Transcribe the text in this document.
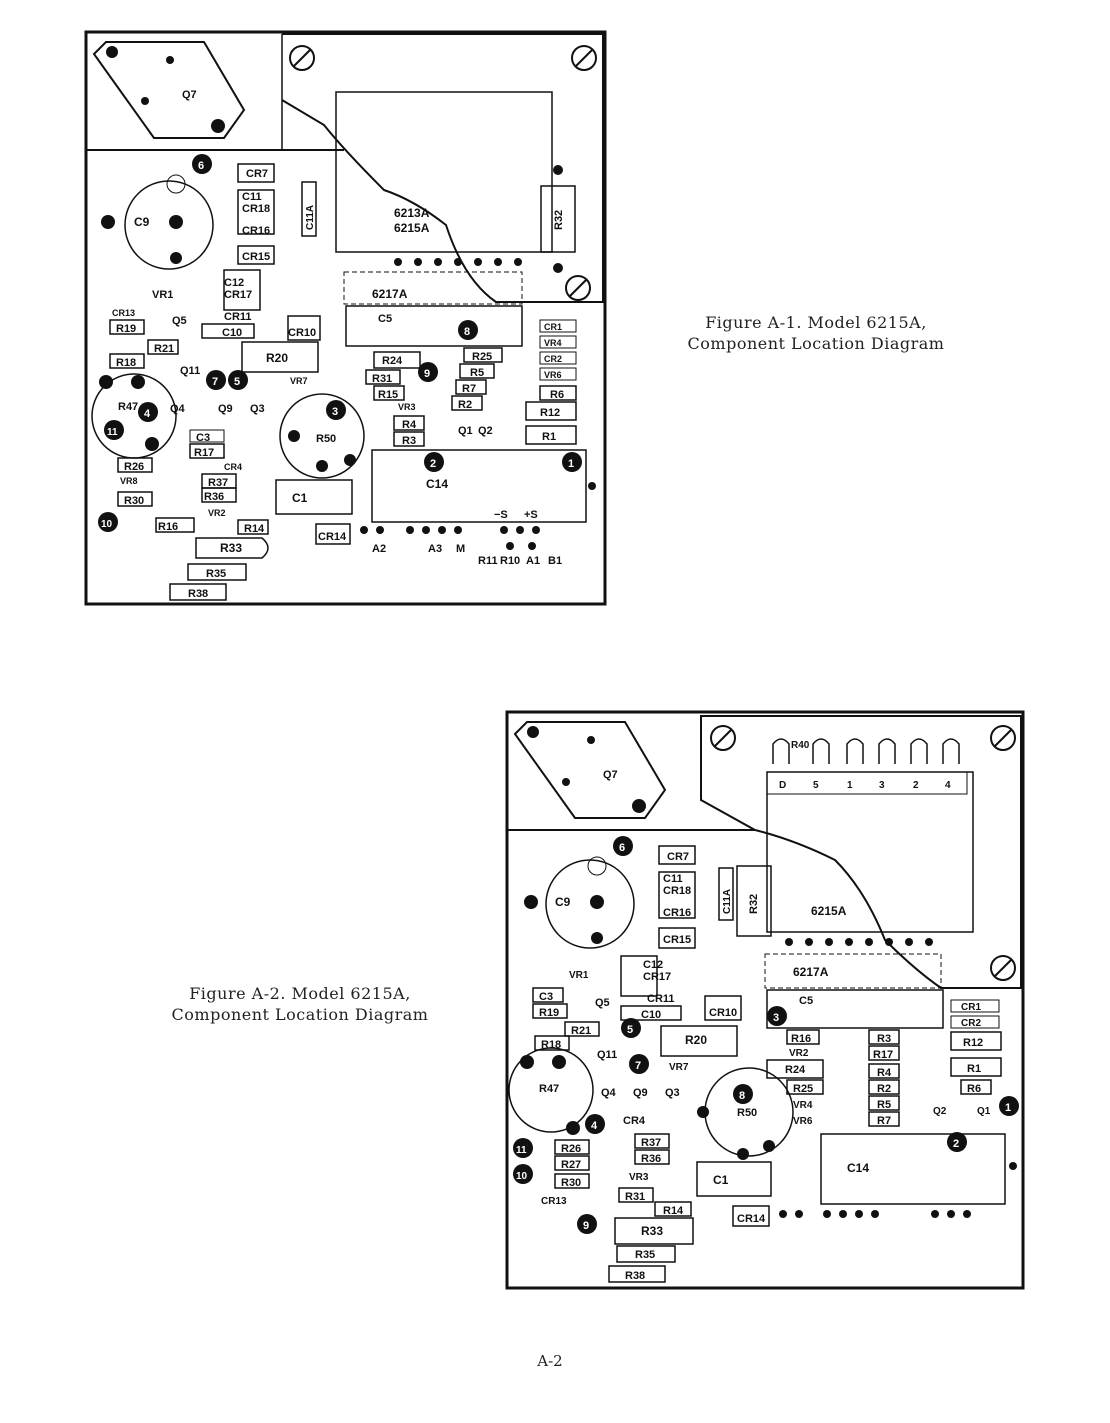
Q7
C9
CR7
C11
CR18
CR16
CR15
C11A	R32
6213A
6215A
6217A
C5
R24	R25
R5
R7
R2
R31
R15
R4
R3
R12
R1
CR1
VR4
CR2
VR6
R6
C14
−S +S
R50
R47
R19
R21
R18	R20
R26
R30
C3
R17
R37
R36
R16	R14
R33
R35
R38
C1
CR14
CR10
C10
C12
CR17
CR11
VR1
CR13
Q5
Q11
Q4	Q9 Q3
Q1 Q2
CR4
VR8
VR2
VR7
VR3
A2	A3 M
R11 R10 A1 B1
1
2
3
4
5
6
7
8
9
10
11
Figure A-1. Model 6215A,
Component Location Diagram
R40
D	5	1	3	2	4
Q7
C9
CR7
C11
CR18
CR16
CR15
C11A R32	6215A
6217A
C5
R16	R3
R17
R12
VR2
R24	R4	R1
R25	R2	R6
VR4	R5
VR6	R7
Q2	Q1
CR1
CR2
C14
R50
R47
C3
R19
R21
R18
VR1
Q5
Q11
Q4 Q9 Q3
CR4
C12
CR17
CR11
C10	CR10
R20
VR7
R26
R27
R30
CR13
R37
R36
VR3
R31
R14
R33
R35
R38
C1
CR14
1
2
3
4
5
6
7
8
9
10
11
Figure A-2. Model 6215A,
Component Location Diagram
A-2
